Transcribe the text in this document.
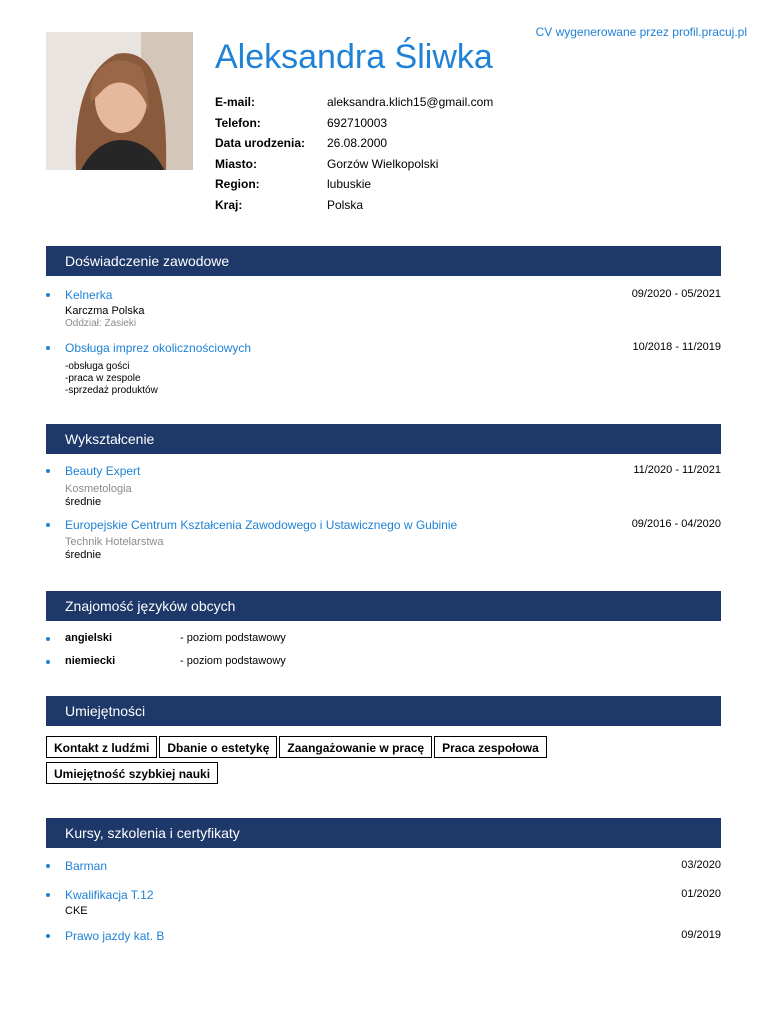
CV wygenerowane przez profil.pracuj.pl
Aleksandra Śliwka
E-mail:	aleksandra.klich15@gmail.com
Telefon:	692710003
Data urodzenia:	26.08.2000
Miasto:	Gorzów Wielkopolski
Region:	lubuskie
Kraj:	Polska
Doświadczenie zawodowe
Kelnerka	09/2020 - 05/2021
Karczma Polska
Oddział: Zasieki
Obsługa imprez okolicznościowych	10/2018 - 11/2019
-obsługa gości
-praca w zespole
-sprzedaż produktów
Wykształcenie
Beauty Expert	11/2020 - 11/2021
Kosmetologia
średnie
Europejskie Centrum Kształcenia Zawodowego i Ustawicznego w Gubinie	09/2016 - 04/2020
Technik Hotelarstwa
średnie
Znajomość języków obcych
angielski	- poziom podstawowy
niemiecki	- poziom podstawowy
Umiejętności
Kontakt z ludźmi Dbanie o estetykę Zaangażowanie w pracę Praca zespołowa
Umiejętność szybkiej nauki
Kursy, szkolenia i certyfikaty
Barman	03/2020
Kwalifikacja T.12	01/2020
CKE
Prawo jazdy kat. B	09/2019
